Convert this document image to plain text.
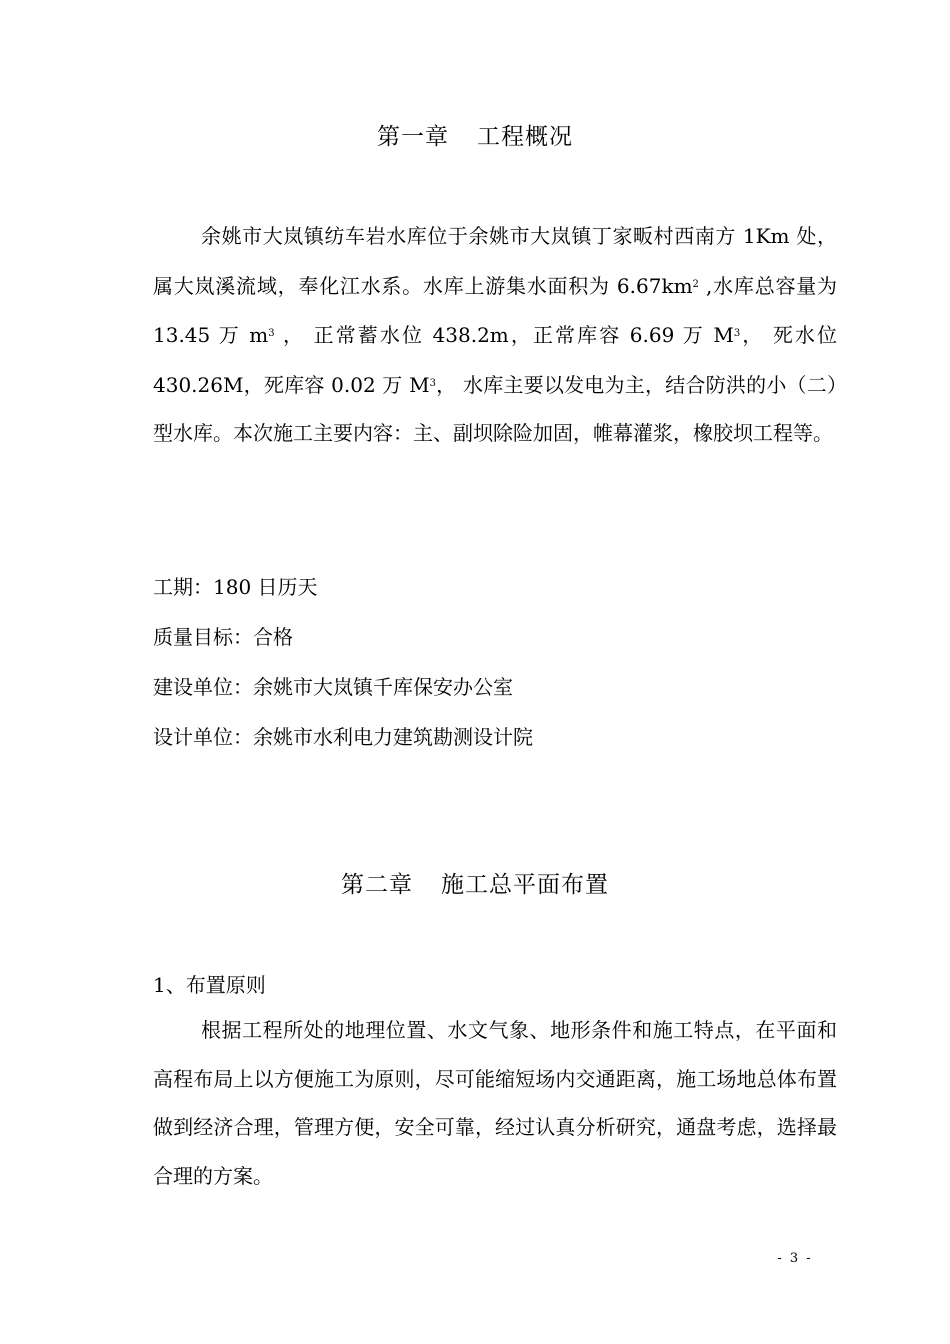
第一章 工程概况
余姚市大岚镇纺车岩水库位于余姚市大岚镇丁家畈村西南方 1Km 处，属大岚溪流域，奉化江水系。水库上游集水面积为 $6.67km^2$ ,水库总容量为 13.45 万 $m^3$ ， 正常蓄水位 438.2m，正常库容 6.69 万 $M^3$， 死水位 430.26M，死库容 0.02 万 $M^3$， 水库主要以发电为主，结合防洪的小（二）型水库。本次施工主要内容：主、副坝除险加固，帷幕灌浆，橡胶坝工程等。
工期：180 日历天
质量目标：合格
建设单位：余姚市大岚镇千库保安办公室
设计单位：余姚市水利电力建筑勘测设计院
第二章 施工总平面布置
1、布置原则
根据工程所处的地理位置、水文气象、地形条件和施工特点，在平面和高程布局上以方便施工为原则，尽可能缩短场内交通距离，施工场地总体布置做到经济合理，管理方便，安全可靠，经过认真分析研究，通盘考虑，选择最合理的方案。
- 3 -
